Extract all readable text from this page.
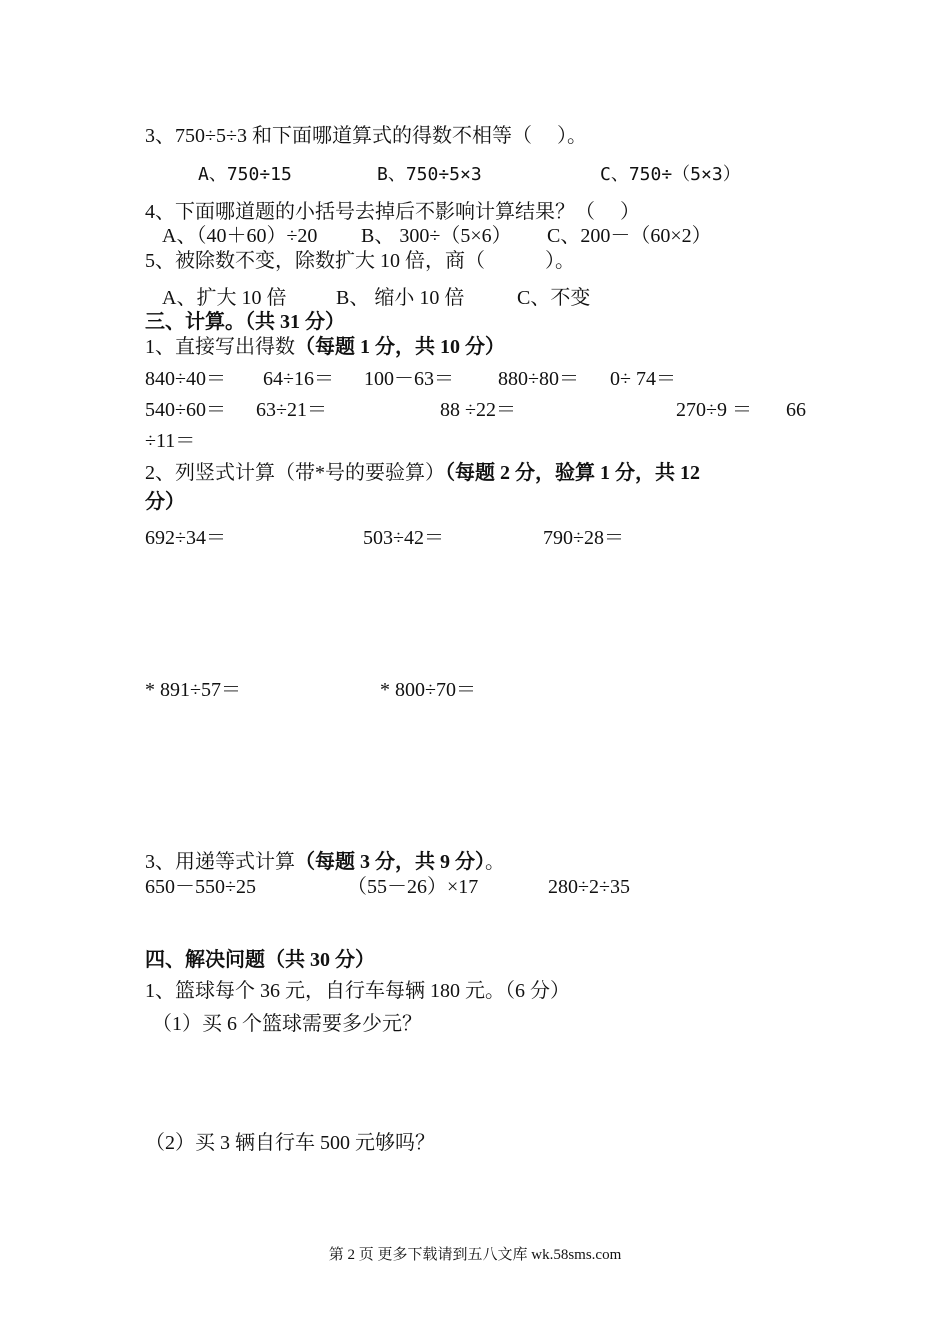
3、750÷5÷3 和下面哪道算式的得数不相等（　 ）。
A、750÷15	B、750÷5×3	C、750÷（5×3）
4、下面哪道题的小括号去掉后不影响计算结果？（　 ）
A、（40＋60）÷20 B、 300÷（5×6） C、200－（60×2）
5、被除数不变，除数扩大 10 倍，商（　　　）。
A、扩大 10 倍 B、 缩小 10 倍	C、不变
三、计算。（共 31 分）
1、直接写出得数（每题 1 分，共 10 分）
840÷40＝ 64÷16＝ 100－63＝ 880÷80＝ 0÷ 74＝
540÷60＝ 63÷21＝	88 ÷22＝	270÷9 ＝ 66
÷11＝
2、列竖式计算（带*号的要验算）（每题 2 分，验算 1 分，共 12
分）
692÷34＝	503÷42＝	790÷28＝
* 891÷57＝	* 800÷70＝
3、用递等式计算（每题 3 分，共 9 分）。
650－550÷25	（55－26）×17	280÷2÷35
四、解决问题（共 30 分）
1、篮球每个 36 元，自行车每辆 180 元。（6 分）
（1）买 6 个篮球需要多少元？
（2）买 3 辆自行车 500 元够吗？
第 2 页 更多下载请到五八文库 wk.58sms.com
